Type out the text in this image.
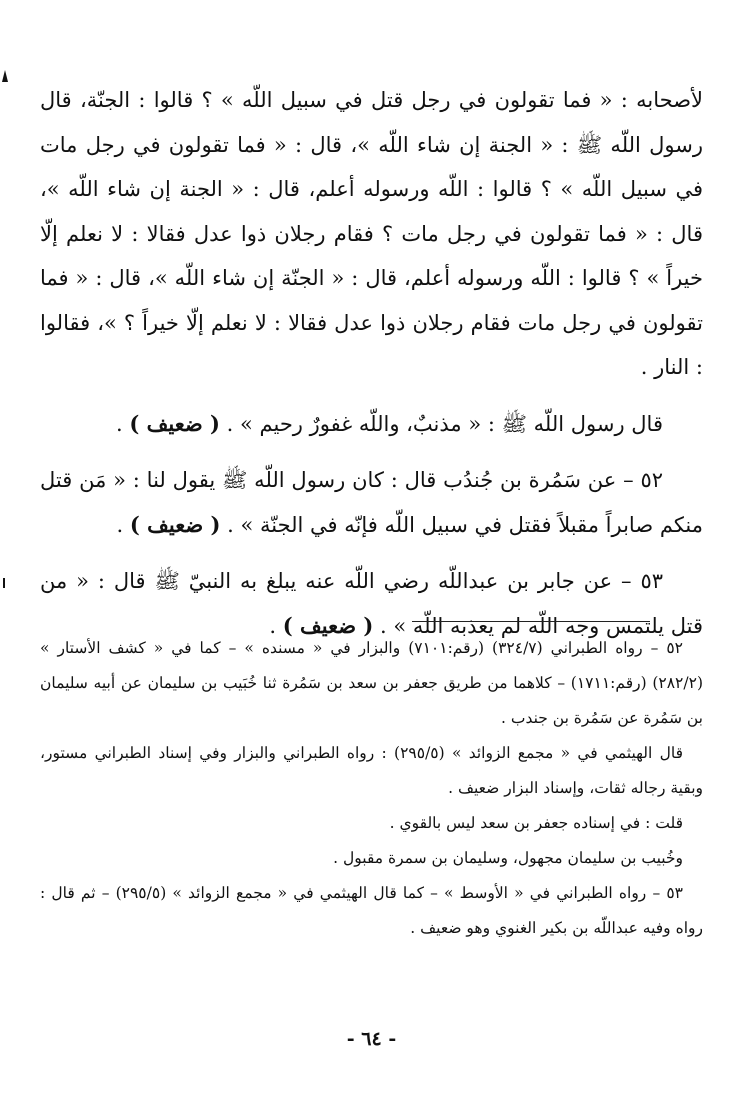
لأصحابه : « فما تقولون في رجل قتل في سبيل اللّه » ؟ قالوا : الجنّة، قال رسول اللّه ﷺ : « الجنة إن شاء اللّه »، قال : « فما تقولون في رجل مات في سبيل اللّه » ؟ قالوا : اللّه ورسوله أعلم، قال : « الجنة إن شاء اللّه »، قال : « فما تقولون في رجل مات ؟ فقام رجلان ذوا عدل فقالا : لا نعلم إلّا خيراً » ؟ قالوا : اللّه ورسوله أعلم، قال : « الجنّة إن شاء اللّه »، قال : « فما تقولون في رجل مات فقام رجلان ذوا عدل فقالا : لا نعلم إلّا خيراً ؟ »، فقالوا : النار .

قال رسول اللّه ﷺ : « مذنبٌ، واللّه غفورٌ رحيم » . ( ضعيف ) .

٥٢ – عن سَمُرة بن جُندُب قال : كان رسول اللّه ﷺ يقول لنا : « مَن قتل منكم صابراً مقبلاً فقتل في سبيل اللّه فإنّه في الجنّة » . ( ضعيف ) .

٥٣ – عن جابر بن عبداللّه رضي اللّه عنه يبلغ به النبيّ ﷺ قال : « من قتل يلتمس وجه اللّه لم يعذبه اللّه » . ( ضعيف ) .

٥٢ – رواه الطبراني (٣٢٤/٧) (رقم:٧١٠١) والبزار في « مسنده » – كما في « كشف الأستار » (٢٨٢/٢) (رقم:١٧١١) – كلاهما من طريق جعفر بن سعد بن سَمُرة ثنا خُبَيب بن سليمان عن أبيه سليمان بن سَمُرة عن سَمُرة بن جندب .

قال الهيثمي في « مجمع الزوائد » (٢٩٥/٥) : رواه الطبراني والبزار وفي إسناد الطبراني مستور، وبقية رجاله ثقات، وإسناد البزار ضعيف .

قلت : في إسناده جعفر بن سعد ليس بالقوي .

وخُبيب بن سليمان مجهول، وسليمان بن سمرة مقبول .

٥٣ – رواه الطبراني في « الأوسط » – كما قال الهيثمي في « مجمع الزوائد » (٢٩٥/٥) – ثم قال : رواه وفيه عبداللّه بن بكير الغنوي وهو ضعيف .

- ٦٤ -
